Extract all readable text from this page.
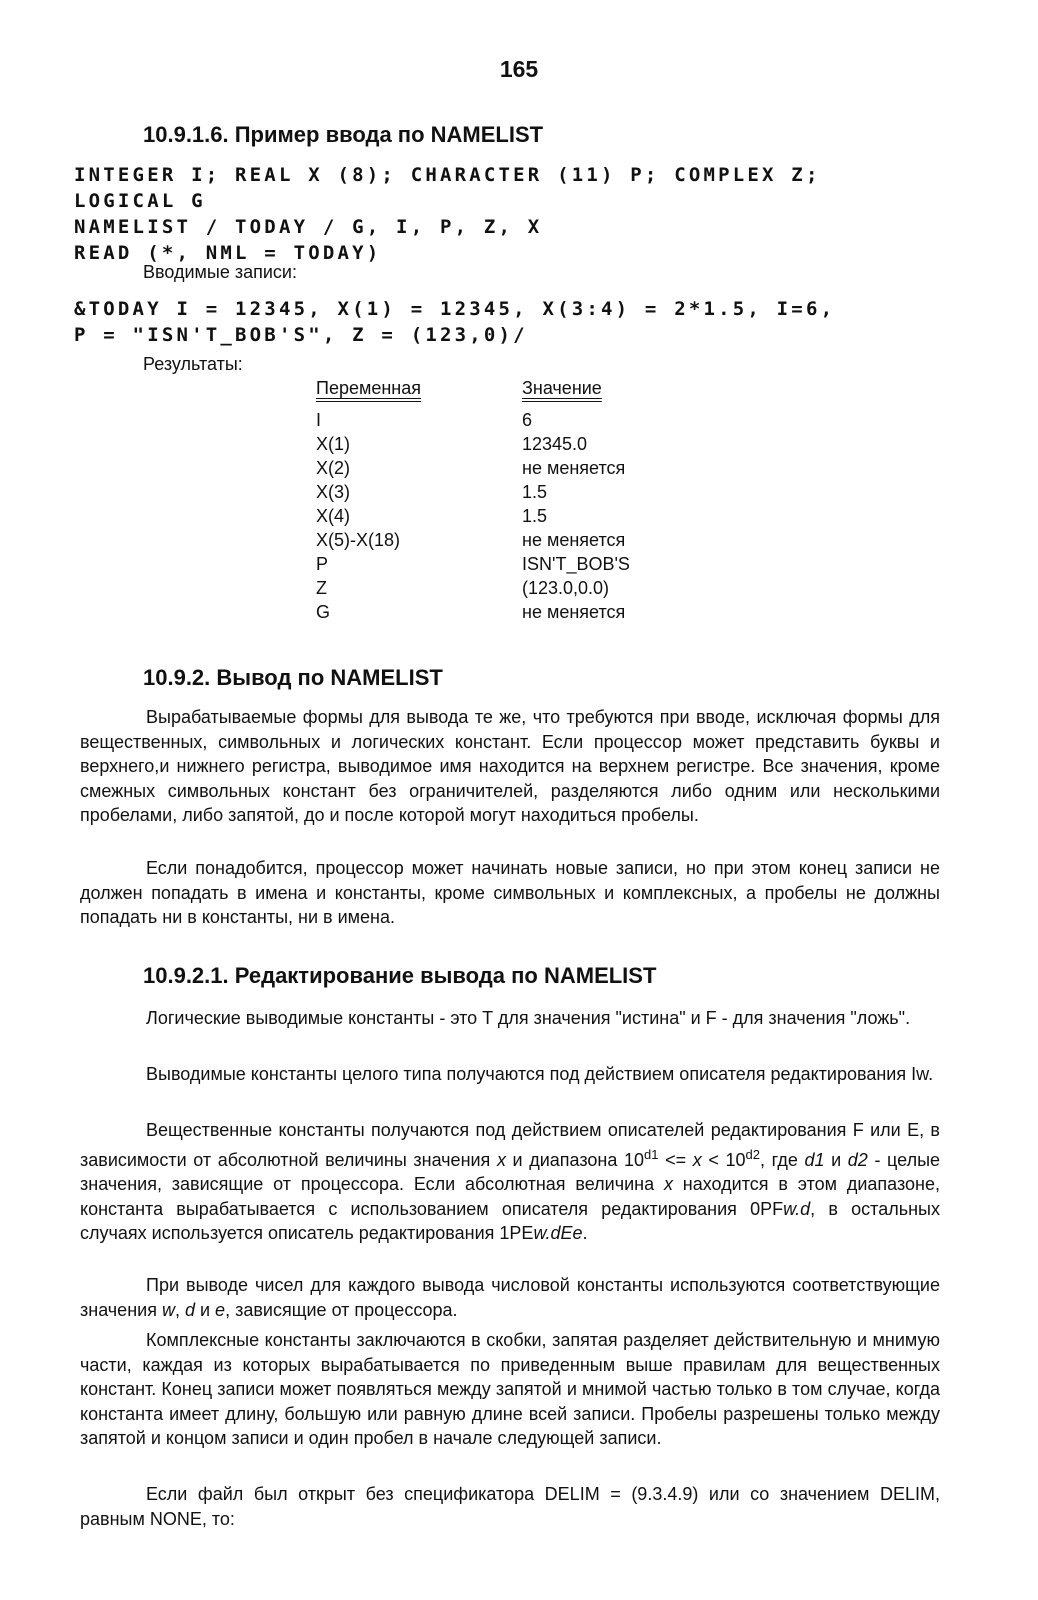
165
10.9.1.6. Пример ввода по NAMELIST
INTEGER I; REAL X (8); CHARACTER (11) P; COMPLEX Z;
LOGICAL G
NAMELIST / TODAY / G, I, P, Z, X
READ (*, NML = TODAY)
Вводимые записи:
&TODAY I = 12345, X(1) = 12345, X(3:4) = 2*1.5, I=6,
P = "ISN'T_BOB'S", Z = (123,0)/
Результаты:
Переменная	Значение
I	6
X(1)	12345.0
X(2)	не меняется
X(3)	1.5
X(4)	1.5
X(5)-X(18)	не меняется
P	ISN'T_BOB'S
Z	(123.0,0.0)
G	не меняется
10.9.2. Вывод по NAMELIST

Вырабатываемые формы для вывода те же, что требуются при вводе, исключая формы для вещественных, символьных и логических констант. Если процессор может представить буквы и верхнего,и нижнего регистра, выводимое имя находится на верхнем регистре. Все значения, кроме смежных символьных констант без ограничителей, разделяются либо одним или несколькими пробелами, либо запятой, до и после которой могут находиться пробелы.

Если понадобится, процессор может начинать новые записи, но при этом конец записи не должен попадать в имена и константы, кроме символьных и комплексных, а пробелы не должны попадать ни в константы, ни в имена.

10.9.2.1. Редактирование вывода по NAMELIST

Логические выводимые константы - это T для значения "истина" и F - для значения "ложь".

Выводимые константы целого типа получаются под действием описателя редактирования Iw.

Вещественные константы получаются под действием описателей редактирования F или E, в зависимости от абсолютной величины значения x и диапазона $10^{d1} <= x < 10^{d2}$, где d1 и d2 - целые значения, зависящие от процессора. Если абсолютная величина x находится в этом диапазоне, константа вырабатывается с использованием описателя редактирования 0PFw.d, в остальных случаях используется описатель редактирования 1PEw.dEe.

При выводе чисел для каждого вывода числовой константы используются соответствующие значения w, d и e, зависящие от процессора.

Комплексные константы заключаются в скобки, запятая разделяет действительную и мнимую части, каждая из которых вырабатывается по приведенным выше правилам для вещественных констант. Конец записи может появляться между запятой и мнимой частью только в том случае, когда константа имеет длину, большую или равную длине всей записи. Пробелы разрешены только между запятой и концом записи и один пробел в начале следующей записи.

Если файл был открыт без спецификатора DELIM = (9.3.4.9) или со значением DELIM, равным NONE, то:
